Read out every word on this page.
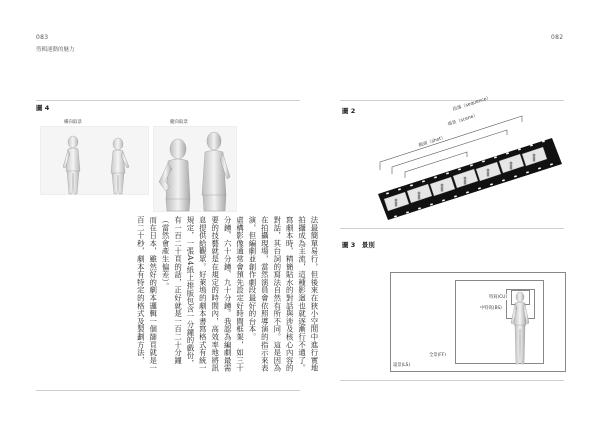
083
剪輯運動的魅力
圖 4
橫向取景	縱向取景

法最簡單易行，但後來在狹小空間中進行實地拍攝成為主流，這種影迴也就逐漸行不通了。寫劇本時，精簡貼水的對話與涉及核心內容的對話，其台詞的寫法自然有所不同。這是因為在拍攝現場，當然演員會依照導演的指示來表演，但編劇並創作劇段最好的台本。

虛構影像通常會預先設定好時間框架，如三十分鐘、六十分鐘、九十分鐘。我認為編劇最需要的技藝就是在規定的時間內，高效率地將訊息提供給觀眾。好萊塢的劇本書寫格式有統一規定，一張A4紙上排版包含一分鐘的戲份，有一百二十頁的話，正好就是一百二十分鐘（當然會產生偏差）。

而在日本，雖然好的劇本邏輯一個篩頁就是一百二十秒，劇本有特定的格式及製劃方法，

082
圖 2	段落（sequence）
場景（scene）
鏡頭（shot）
圖 3　景別
特寫(CU)
中特寫(BS)
全景(FF)
遠景(LS)
